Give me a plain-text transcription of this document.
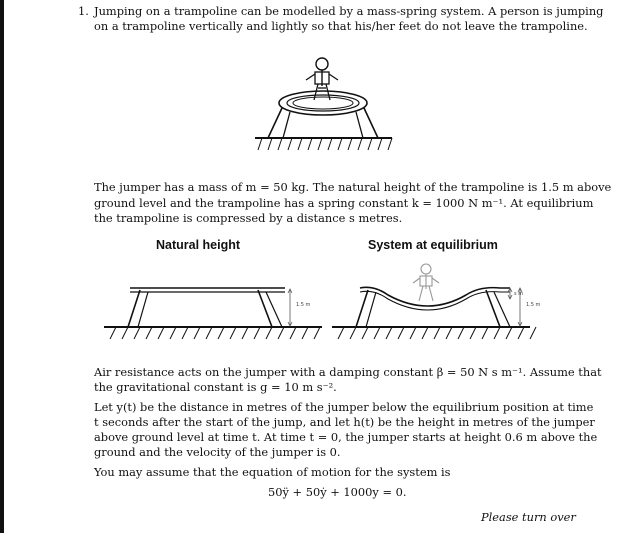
1. Jumping on a trampoline can be modelled by a mass-spring system. A person is jumping
on a trampoline vertically and lightly so that his/her feet do not leave the trampoline.
The jumper has a mass of m = 50 kg. The natural height of the trampoline is 1.5 m above
ground level and the trampoline has a spring constant k = 1000 N m⁻¹. At equilibrium
the trampoline is compressed by a distance s metres.
Natural height	System at equilibrium
1.5 m
s m
1.5 m
Air resistance acts on the jumper with a damping constant β = 50 N s m⁻¹. Assume that
the gravitational constant is g = 10 m s⁻².
Let y(t) be the distance in metres of the jumper below the equilibrium position at time
t seconds after the start of the jump, and let h(t) be the height in metres of the jumper
above ground level at time t. At time t = 0, the jumper starts at height 0.6 m above the
ground and the velocity of the jumper is 0.
You may assume that the equation of motion for the system is
50ÿ + 50ẏ + 1000y = 0.
Please turn over
